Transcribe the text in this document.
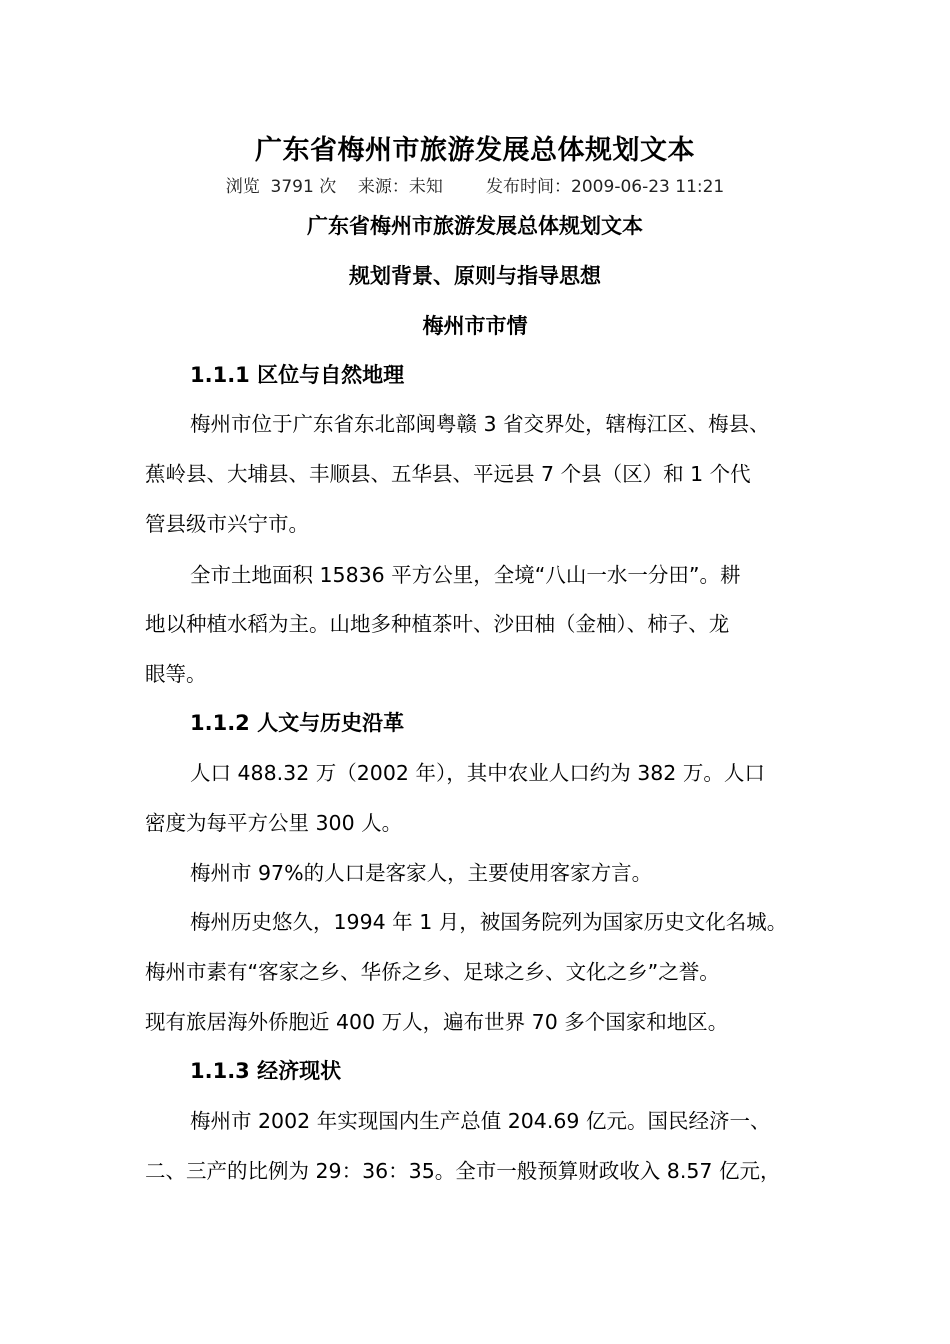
广东省梅州市旅游发展总体规划文本
浏览  3791 次    来源：未知        发布时间：2009-06-23 11:21
广东省梅州市旅游发展总体规划文本
规划背景、原则与指导思想
梅州市市情
1.1.1 区位与自然地理
梅州市位于广东省东北部闽粤赣 3 省交界处，辖梅江区、梅县、
蕉岭县、大埔县、丰顺县、五华县、平远县 7 个县（区）和 1 个代
管县级市兴宁市。
全市土地面积 15836 平方公里，全境“八山一水一分田”。耕
地以种植水稻为主。山地多种植茶叶、沙田柚（金柚）、柿子、龙
眼等。
1.1.2 人文与历史沿革
人口 488.32 万（2002 年），其中农业人口约为 382 万。人口
密度为每平方公里 300 人。
梅州市 97%的人口是客家人，主要使用客家方言。
梅州历史悠久，1994 年 1 月，被国务院列为国家历史文化名城。
梅州市素有“客家之乡、华侨之乡、足球之乡、文化之乡”之誉。
现有旅居海外侨胞近 400 万人，遍布世界 70 多个国家和地区。
1.1.3 经济现状
梅州市 2002 年实现国内生产总值 204.69 亿元。国民经济一、
二、三产的比例为 29：36：35。全市一般预算财政收入 8.57 亿元，
